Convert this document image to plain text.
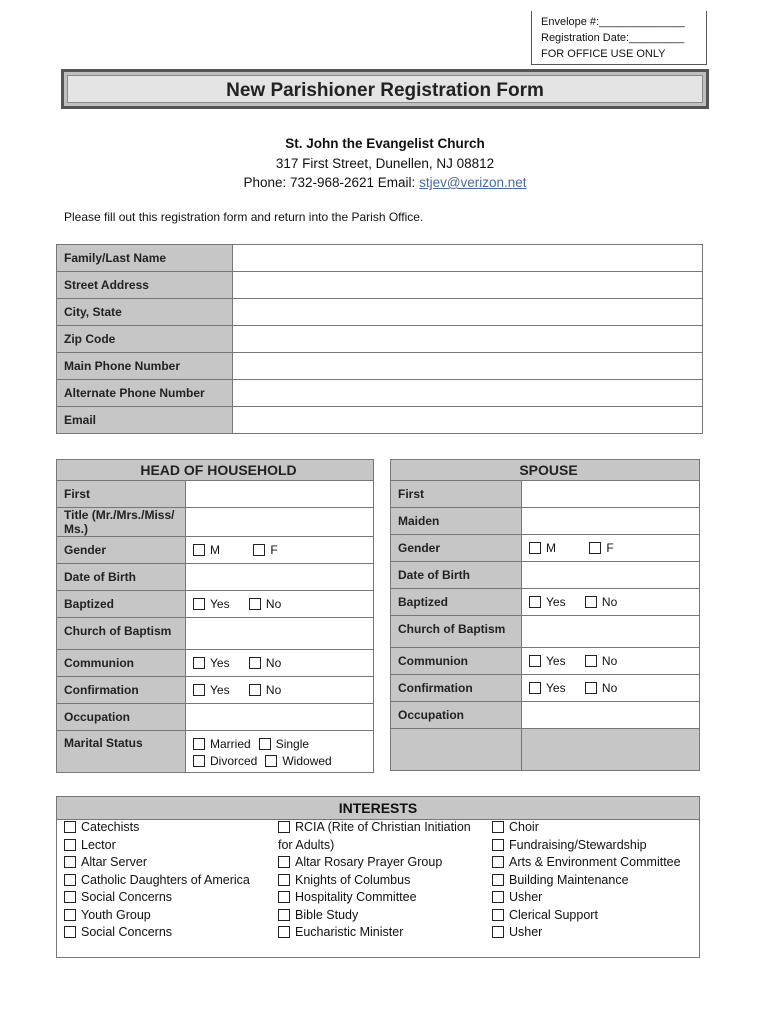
Envelope #:______________
Registration Date:_________
FOR OFFICE USE ONLY
New Parishioner Registration Form
St. John the Evangelist Church
317 First Street, Dunellen, NJ 08812
Phone: 732-968-2621 Email: stjev@verizon.net
Please fill out this registration form and return into the Parish Office.
Family/Last Name	
Street Address	
City, State	
Zip Code	
Main Phone Number	
Alternate Phone Number	
Email	
HEAD OF HOUSEHOLD	
First	
Title (Mr./Mrs./Miss/ Ms.)	
Gender	M F
Date of Birth	
Baptized	Yes No
Church of Baptism	
Communion	Yes No
Confirmation	Yes No
Occupation	
Marital Status	Married Single
Divorced Widowed
SPOUSE	
First	
Maiden	
Gender	M F
Date of Birth	
Baptized	Yes No
Church of Baptism	
Communion	Yes No
Confirmation	Yes No
Occupation	

INTERESTS
Catechists
Lector
Altar Server
Catholic Daughters of America
Social Concerns
Youth Group
Social Concerns
RCIA (Rite of Christian Initiation
for Adults)
Altar Rosary Prayer Group
Knights of Columbus
Hospitality Committee
Bible Study
Eucharistic Minister
Choir
Fundraising/Stewardship
Arts & Environment Committee
Building Maintenance
Usher
Clerical Support
Usher
